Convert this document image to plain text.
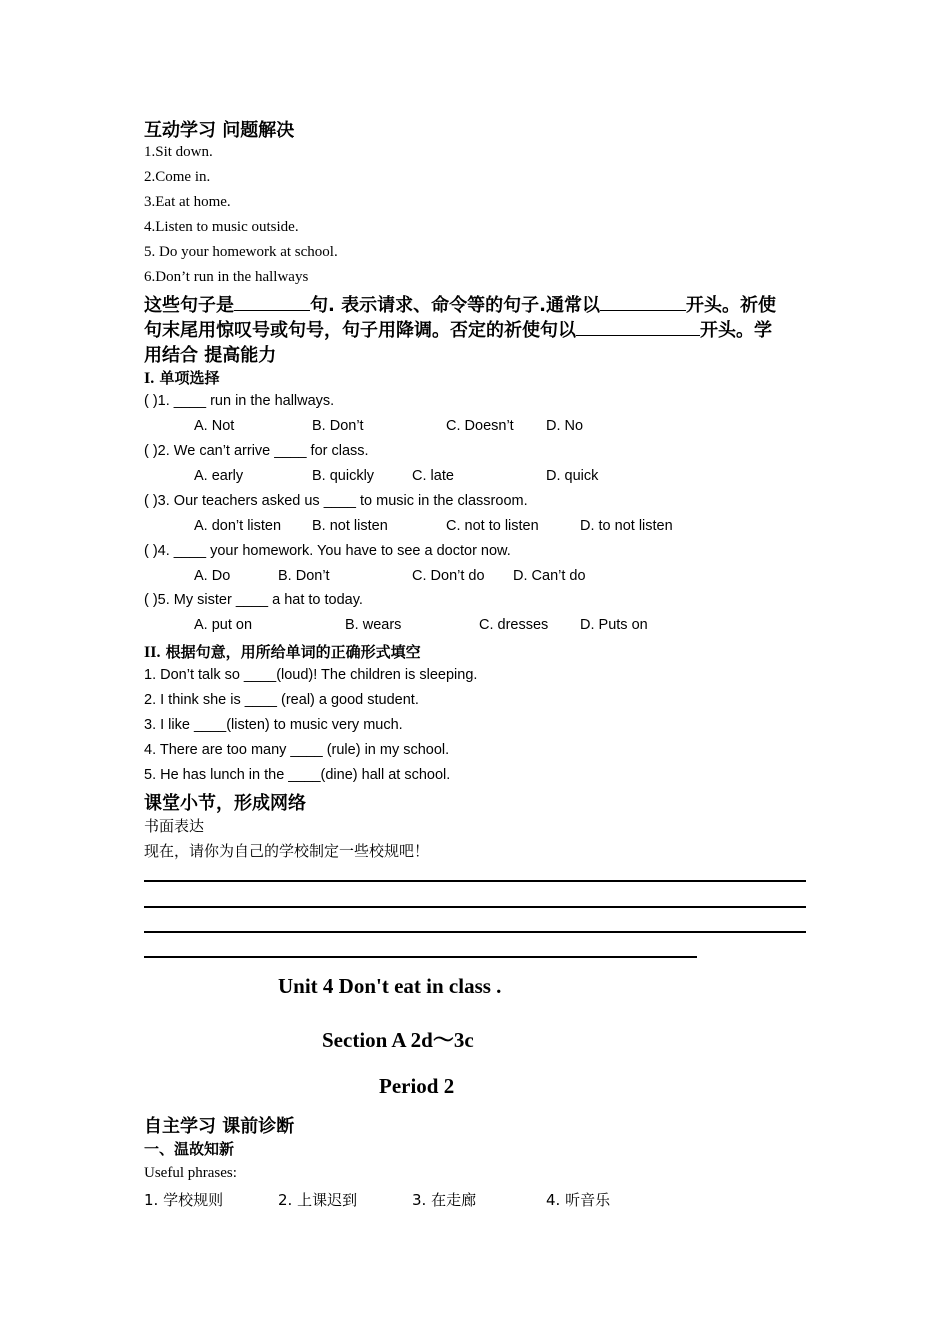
互动学习 问题解决
1.Sit down.
2.Come in.
3.Eat at home.
4.Listen to music outside.
5. Do your homework at school.
6.Don’t run in the hallways
这些句子是	句. 表示请求、命令等的句子.通常以	开头。祈使
句末尾用惊叹号或句号，句子用降调。否定的祈使句以	开头。学
用结合 提高能力
I. 单项选择
( )1. ____ run in the hallways.
A. Not	B. Don’t	C. Doesn’t D. No
( )2. We can’t arrive ____ for class.
A. early	B. quickly	C. late	D. quick
( )3. Our teachers asked us ____ to music in the classroom.
A. don’t listen B. not listen	C. not to listen	D. to not listen
( )4. ____ your homework. You have to see a doctor now.
A. Do	B. Don’t	C. Don’t do D. Can’t do
( )5. My sister ____ a hat to today.
A. put on	B. wears	C. dresses D. Puts on
II. 根据句意，用所给单词的正确形式填空
1. Don’t talk so ____(loud)! The children is sleeping.
2. I think she is ____ (real) a good student.
3. I like ____(listen) to music very much.
4. There are too many ____ (rule) in my school.
5. He has lunch in the ____(dine) hall at school.
课堂小节，形成网络
书面表达
现在，请你为自己的学校制定一些校规吧！
Unit 4 Don't eat in class .
Section A 2d～3c
Period 2
自主学习 课前诊断
一、温故知新
Useful phrases:
1. 学校规则	2. 上课迟到	3. 在走廊	4. 听音乐
